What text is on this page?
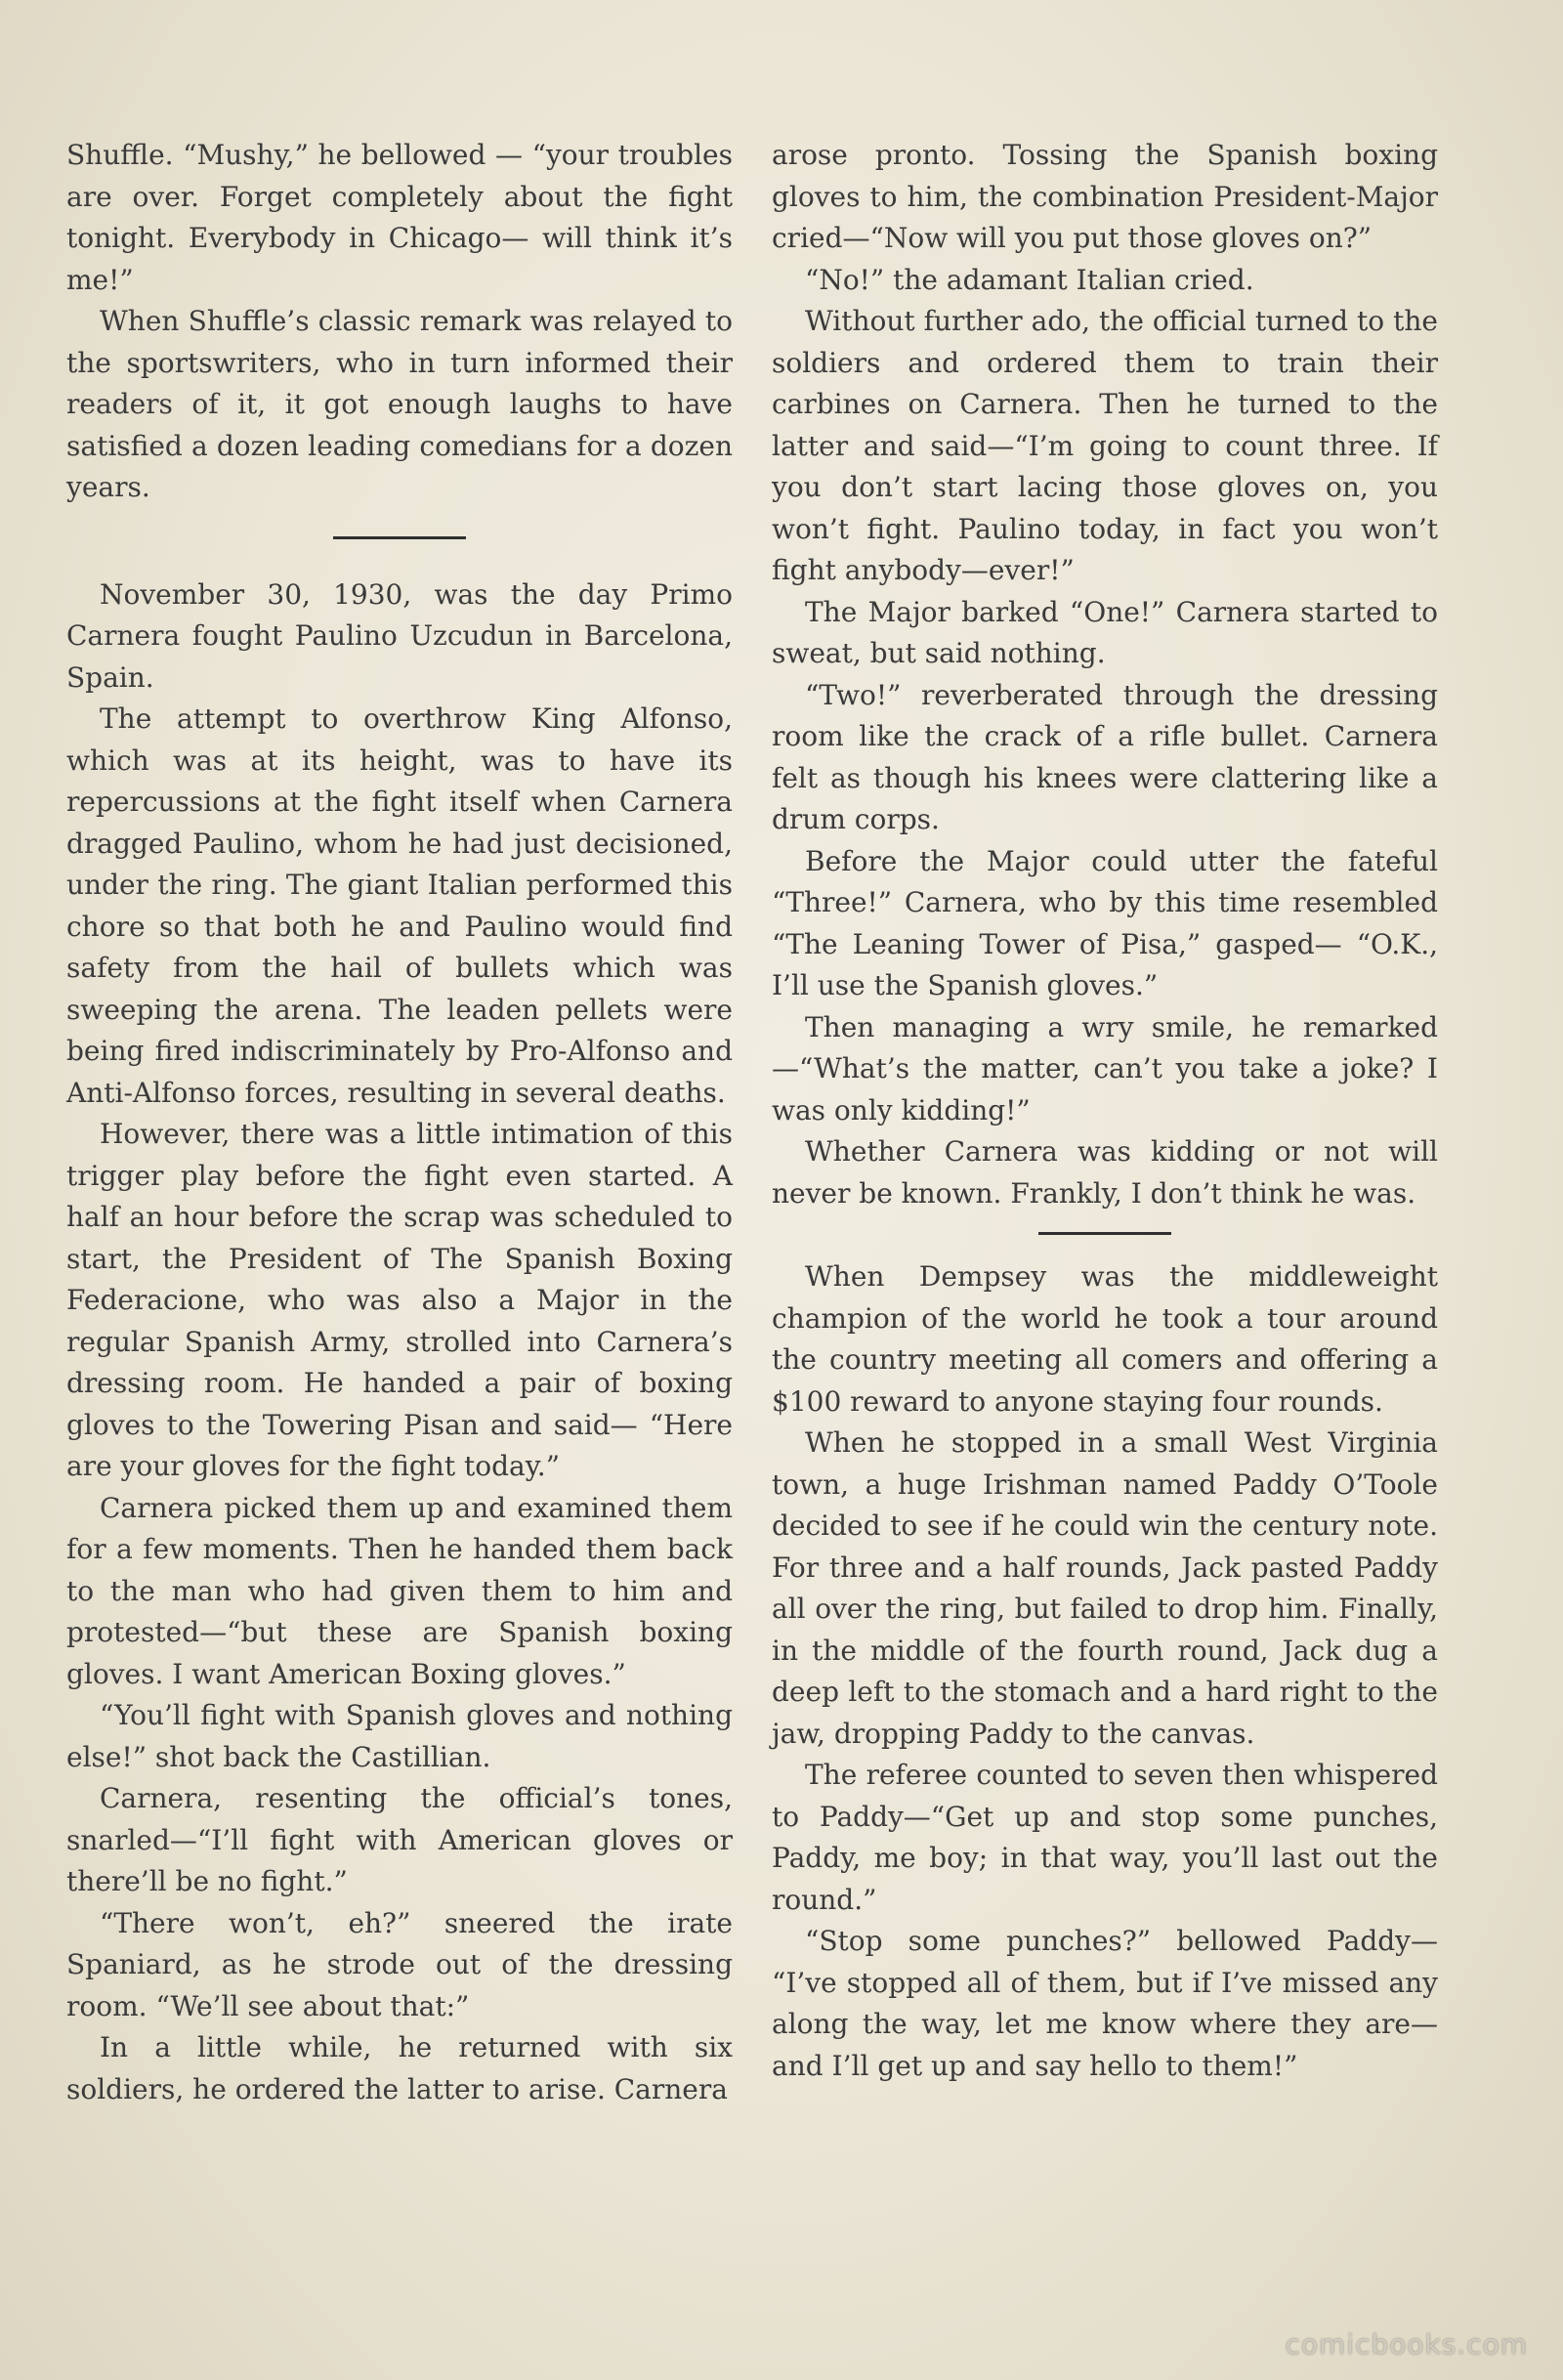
Shuffle. “Mushy,” he bellowed — “your troubles are over. Forget completely about the fight tonight. Everybody in Chicago— will think it’s me!”

When Shuffle’s classic remark was relayed to the sportswriters, who in turn informed their readers of it, it got enough laughs to have satisfied a dozen leading comedians for a dozen years.

November 30, 1930, was the day Primo Carnera fought Paulino Uzcudun in Barcelona, Spain.

The attempt to overthrow King Alfonso, which was at its height, was to have its repercussions at the fight itself when Carnera dragged Paulino, whom he had just decisioned, under the ring. The giant Italian performed this chore so that both he and Paulino would find safety from the hail of bullets which was sweeping the arena. The leaden pellets were being fired indiscriminately by Pro-Alfonso and Anti-Alfonso forces, resulting in several deaths.

However, there was a little intimation of this trigger play before the fight even started. A half an hour before the scrap was scheduled to start, the President of The Spanish Boxing Federacione, who was also a Major in the regular Spanish Army, strolled into Carnera’s dressing room. He handed a pair of boxing gloves to the Towering Pisan and said— “Here are your gloves for the fight today.”

Carnera picked them up and examined them for a few moments. Then he handed them back to the man who had given them to him and protested—“but these are Spanish boxing gloves. I want American Boxing gloves.”

“You’ll fight with Spanish gloves and nothing else!” shot back the Castillian.

Carnera, resenting the official’s tones, snarled—“I’ll fight with American gloves or there’ll be no fight.”

“There won’t, eh?” sneered the irate Spaniard, as he strode out of the dressing room. “We’ll see about that:”

In a little while, he returned with six soldiers, he ordered the latter to arise. Carnera

arose pronto. Tossing the Spanish boxing gloves to him, the combination President-Major cried—“Now will you put those gloves on?”

“No!” the adamant Italian cried.

Without further ado, the official turned to the soldiers and ordered them to train their carbines on Carnera. Then he turned to the latter and said—“I’m going to count three. If you don’t start lacing those gloves on, you won’t fight. Paulino today, in fact you won’t fight anybody—ever!”

The Major barked “One!” Carnera started to sweat, but said nothing.

“Two!” reverberated through the dressing room like the crack of a rifle bullet. Carnera felt as though his knees were clattering like a drum corps.

Before the Major could utter the fateful “Three!” Carnera, who by this time resembled “The Leaning Tower of Pisa,” gasped— “O.K., I’ll use the Spanish gloves.”

Then managing a wry smile, he remarked —“What’s the matter, can’t you take a joke? I was only kidding!”

Whether Carnera was kidding or not will never be known. Frankly, I don’t think he was.

When Dempsey was the middleweight champion of the world he took a tour around the country meeting all comers and offering a $100 reward to anyone staying four rounds.

When he stopped in a small West Virginia town, a huge Irishman named Paddy O’Toole decided to see if he could win the century note. For three and a half rounds, Jack pasted Paddy all over the ring, but failed to drop him. Finally, in the middle of the fourth round, Jack dug a deep left to the stomach and a hard right to the jaw, dropping Paddy to the canvas.

The referee counted to seven then whispered to Paddy—“Get up and stop some punches, Paddy, me boy; in that way, you’ll last out the round.”

“Stop some punches?” bellowed Paddy— “I’ve stopped all of them, but if I’ve missed any along the way, let me know where they are—and I’ll get up and say hello to them!”

comicbooks.com
